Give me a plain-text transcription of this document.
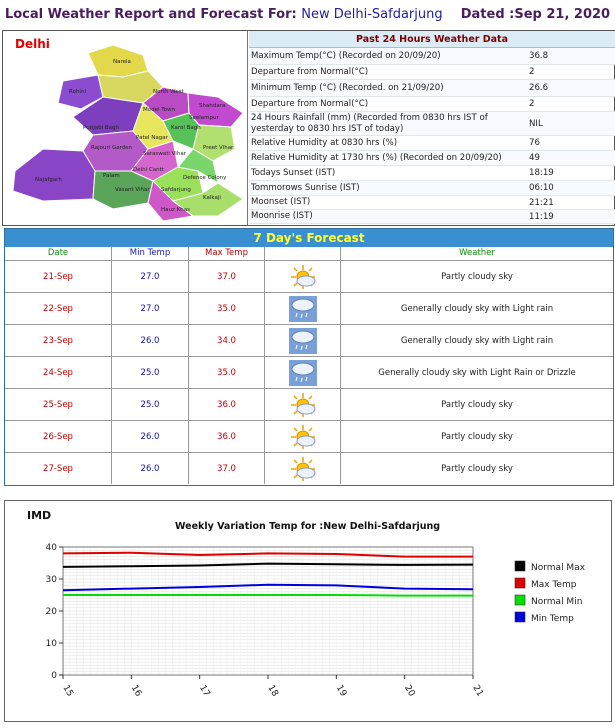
Local Weather Report and Forecast For: New Delhi-Safdarjung Dated :Sep 21, 2020
Delhi
Narela
Rohini	North West
Model Town
Shahdara
Seelampur
Punjabi Bagh
Patel Nagar
Rajouri Garden
Delhi Cantt
Najafgarh
Preet Vihar
Vasant Vihar Safdarjung
Defence Colony
Hauz Khas
Kalkaji
Palam
Saraswati Vihar
Karol Bagh
Past 24 Hours Weather Data
Maximum Temp(°C) (Recorded on 20/09/20)	36.8
Departure from Normal(°C)	2
Minimum Temp (°C) (Recorded. on 21/09/20)	26.6
Departure from Normal(°C)	2
24 Hours Rainfall (mm) (Recorded from 0830 hrs IST of yesterday to 0830 hrs IST of today)	NIL
Relative Humidity at 0830 hrs (%)	76
Relative Humidity at 1730 hrs (%) (Recorded on 20/09/20)	49
Todays Sunset (IST)	18:19
Tommorows Sunrise (IST)	06:10
Moonset (IST)	21:21
Moonrise (IST)	11:19
7 Day's Forecast
Date	Min Temp	Max Temp	Weather
21-Sep	27.0	37.0	Partly cloudy sky
22-Sep	27.0	35.0	Generally cloudy sky with Light rain
23-Sep	26.0	34.0	Generally cloudy sky with Light rain
24-Sep	25.0	35.0	Generally cloudy sky with Light Rain or Drizzle
25-Sep	25.0	36.0	Partly cloudy sky
26-Sep	26.0	36.0	Partly cloudy sky
27-Sep	26.0	37.0	Partly cloudy sky
IMD
Weekly Variation Temp for :New Delhi-Safdarjung
0
10
20
30
40
15	16	17	18	19	20	21
Normal Max
Max Temp
Normal Min
Min Temp
